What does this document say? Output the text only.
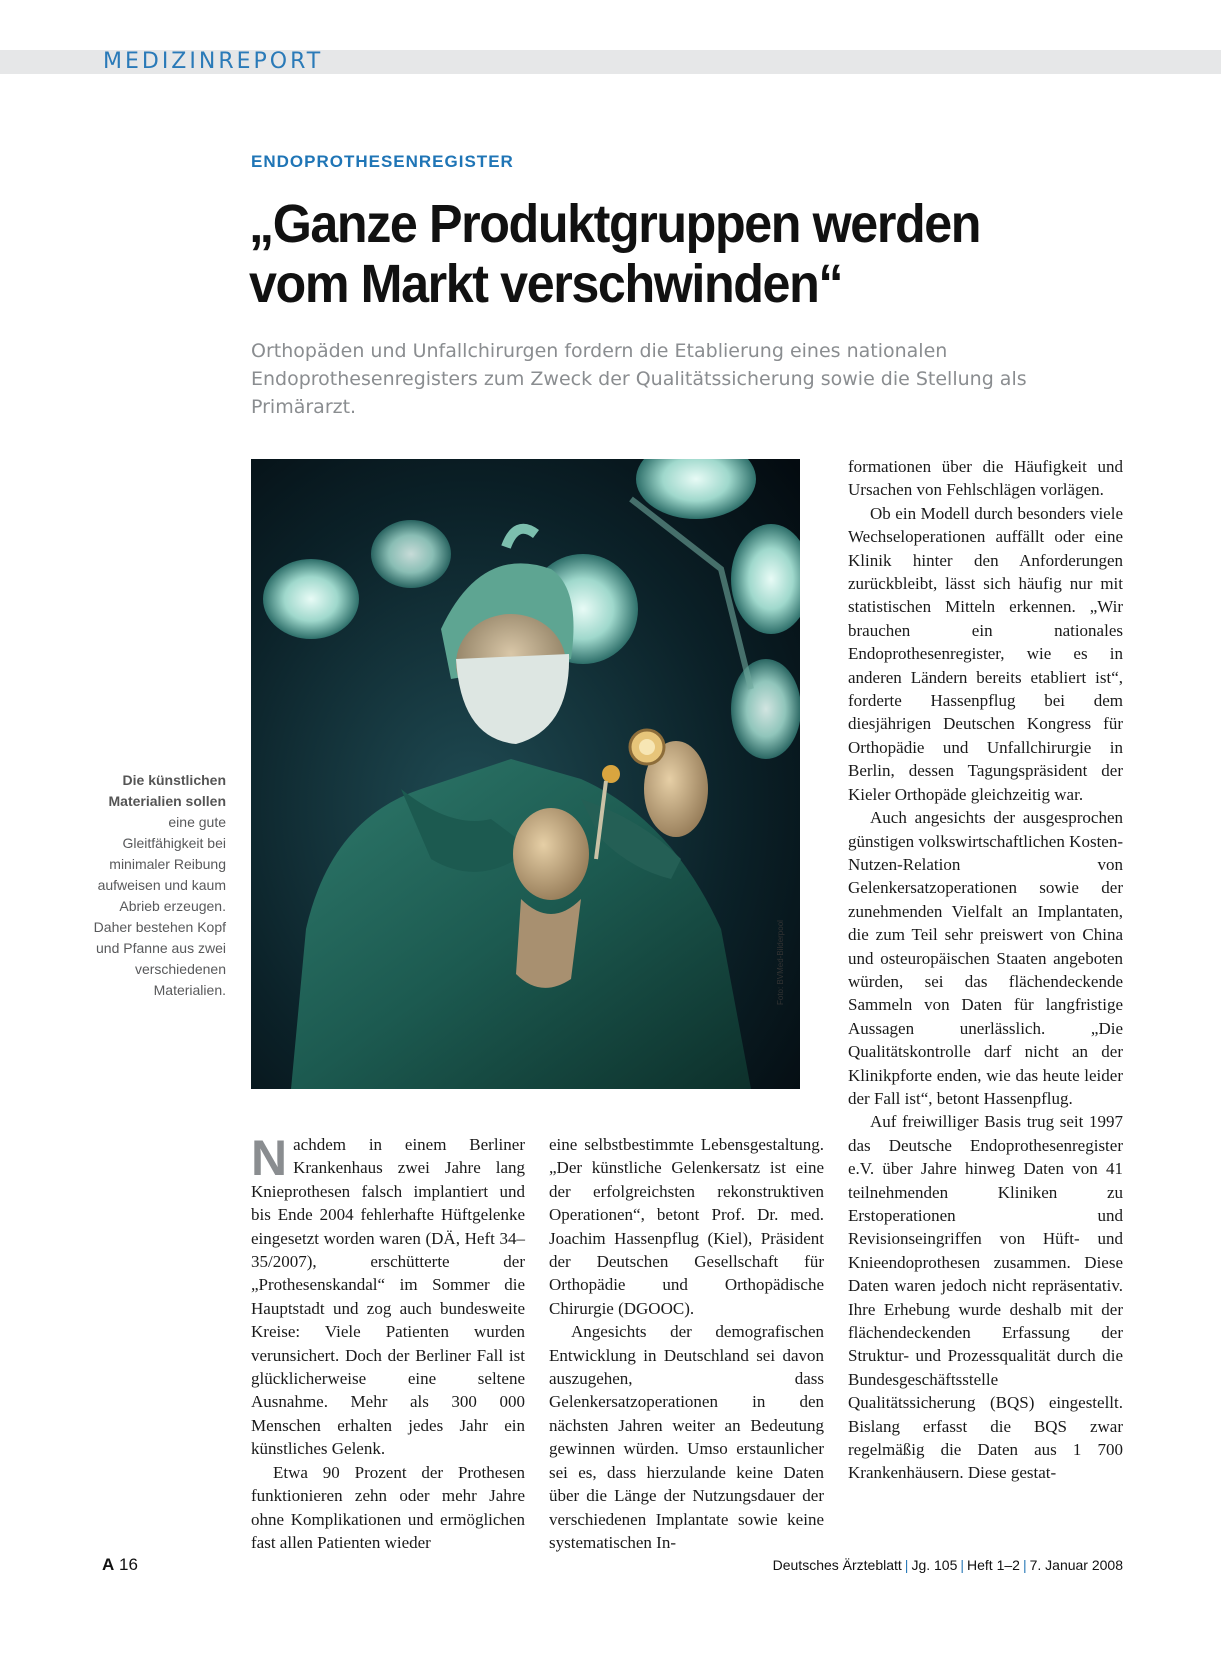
MEDIZINREPORT
ENDOPROTHESENREGISTER
„Ganze Produktgruppen werden
vom Markt verschwinden“

Orthopäden und Unfallchirurgen fordern die Etablierung eines nationalen Endoprothesenregisters zum Zweck der Qualitätssicherung sowie die Stellung als Primärarzt.

Foto: BVMed-Bilderpool
Die künstlichen Materialien sollen eine gute Gleitfähigkeit bei minimaler Reibung aufweisen und kaum Abrieb erzeugen. Daher bestehen Kopf und Pfanne aus zwei verschiedenen Materialien.

Nachdem in einem Berliner Krankenhaus zwei Jahre lang Knieprothesen falsch implantiert und bis Ende 2004 fehlerhafte Hüftgelenke eingesetzt worden waren (DÄ, Heft 34–35/2007), erschütterte der „Prothesenskandal“ im Sommer die Hauptstadt und zog auch bundesweite Kreise: Viele Patienten wurden verunsichert. Doch der Berliner Fall ist glücklicherweise eine seltene Ausnahme. Mehr als 300 000 Menschen erhalten jedes Jahr ein künstliches Gelenk.

Etwa 90 Prozent der Prothesen funktionieren zehn oder mehr Jahre ohne Komplikationen und ermöglichen fast allen Patienten wieder

eine selbstbestimmte Lebensgestaltung. „Der künstliche Gelenkersatz ist eine der erfolgreichsten rekonstruktiven Operationen“, betont Prof. Dr. med. Joachim Hassenpflug (Kiel), Präsident der Deutschen Gesellschaft für Orthopädie und Orthopädische Chirurgie (DGOOC).

Angesichts der demografischen Entwicklung in Deutschland sei davon auszugehen, dass Gelenkersatzoperationen in den nächsten Jahren weiter an Bedeutung gewinnen würden. Umso erstaunlicher sei es, dass hierzulande keine Daten über die Länge der Nutzungsdauer der verschiedenen Implantate sowie keine systematischen In-

formationen über die Häufigkeit und Ursachen von Fehlschlägen vorlägen.

Ob ein Modell durch besonders viele Wechseloperationen auffällt oder eine Klinik hinter den Anforderungen zurückbleibt, lässt sich häufig nur mit statistischen Mitteln erkennen. „Wir brauchen ein nationales Endoprothesenregister, wie es in anderen Ländern bereits etabliert ist“, forderte Hassenpflug bei dem diesjährigen Deutschen Kongress für Orthopädie und Unfallchirurgie in Berlin, dessen Tagungspräsident der Kieler Orthopäde gleichzeitig war.

Auch angesichts der ausgesprochen günstigen volkswirtschaftlichen Kosten-Nutzen-Relation von Gelenkersatzoperationen sowie der zunehmenden Vielfalt an Implantaten, die zum Teil sehr preiswert von China und osteuropäischen Staaten angeboten würden, sei das flächendeckende Sammeln von Daten für langfristige Aussagen unerlässlich. „Die Qualitätskontrolle darf nicht an der Klinikpforte enden, wie das heute leider der Fall ist“, betont Hassenpflug.

Auf freiwilliger Basis trug seit 1997 das Deutsche Endoprothesenregister e.V. über Jahre hinweg Daten von 41 teilnehmenden Kliniken zu Erstoperationen und Revisionseingriffen von Hüft- und Knieendoprothesen zusammen. Diese Daten waren jedoch nicht repräsentativ. Ihre Erhebung wurde deshalb mit der flächendeckenden Erfassung der Struktur- und Prozessqualität durch die Bundesgeschäftsstelle Qualitätssicherung (BQS) eingestellt. Bislang erfasst die BQS zwar regelmäßig die Daten aus 1 700 Krankenhäusern. Diese gestat-

A 16	Deutsches Ärzteblatt | Jg. 105 | Heft 1–2 | 7. Januar 2008
